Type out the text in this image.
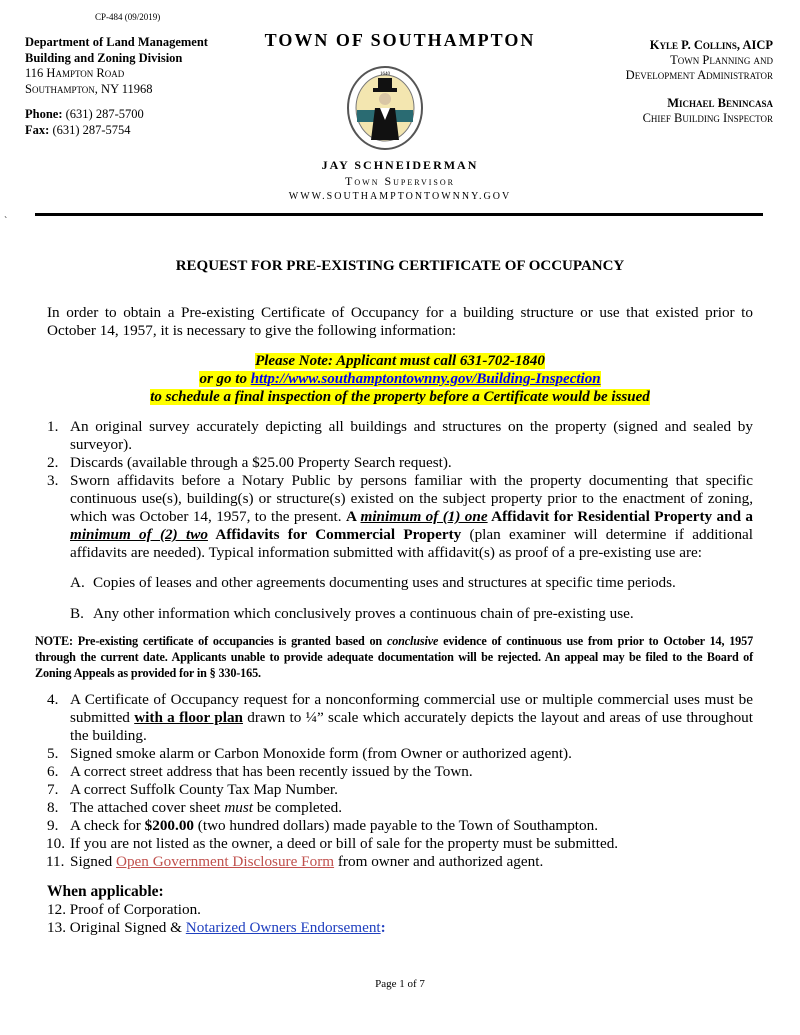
CP-484 (09/2019)
Department of Land Management
Building and Zoning Division
116 Hampton Road
Southampton, NY 11968
Phone: (631) 287-5700
Fax: (631) 287-5754
TOWN OF SOUTHAMPTON
1640
JAY SCHNEIDERMAN
Town Supervisor
WWW.SOUTHAMPTONTOWNNY.GOV
Kyle P. Collins, AICP
Town Planning and
Development Administrator
Michael Benincasa
Chief Building Inspector
`
REQUEST FOR PRE-EXISTING CERTIFICATE OF OCCUPANCY
In order to obtain a Pre-existing Certificate of Occupancy for a building structure or use that existed prior to October 14, 1957, it is necessary to give the following information:
Please Note: Applicant must call 631-702-1840
or go to http://www.southamptontownny.gov/Building-Inspection
to schedule a final inspection of the property before a Certificate would be issued
1. An original survey accurately depicting all buildings and structures on the property (signed and sealed by surveyor).
2. Discards (available through a $25.00 Property Search request).
3. Sworn affidavits before a Notary Public by persons familiar with the property documenting that specific continuous use(s), building(s) or structure(s) existed on the subject property prior to the enactment of zoning, which was October 14, 1957, to the present. A minimum of (1) one Affidavit for Residential Property and a minimum of (2) two Affidavits for Commercial Property (plan examiner will determine if additional affidavits are needed). Typical information submitted with affidavit(s) as proof of a pre-existing use are:
A. Copies of leases and other agreements documenting uses and structures at specific time periods.
B. Any other information which conclusively proves a continuous chain of pre-existing use.
NOTE: Pre-existing certificate of occupancies is granted based on conclusive evidence of continuous use from prior to October 14, 1957 through the current date. Applicants unable to provide adequate documentation will be rejected. An appeal may be filed to the Board of Zoning Appeals as provided for in § 330-165.
4. A Certificate of Occupancy request for a nonconforming commercial use or multiple commercial uses must be submitted with a floor plan drawn to ¼” scale which accurately depicts the layout and areas of use throughout the building.
5. Signed smoke alarm or Carbon Monoxide form (from Owner or authorized agent).
6. A correct street address that has been recently issued by the Town.
7. A correct Suffolk County Tax Map Number.
8. The attached cover sheet must be completed.
9. A check for $200.00 (two hundred dollars) made payable to the Town of Southampton.
10. If you are not listed as the owner, a deed or bill of sale for the property must be submitted.
11. Signed Open Government Disclosure Form from owner and authorized agent.
When applicable:
12. Proof of Corporation.
13. Original Signed & Notarized Owners Endorsement:
Page 1 of 7
